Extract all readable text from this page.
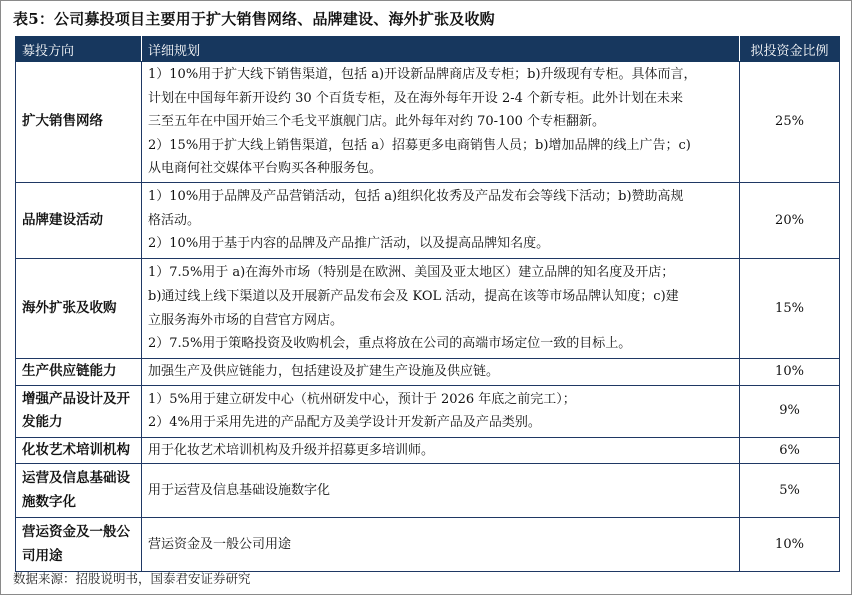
表5：公司募投项目主要用于扩大销售网络、品牌建设、海外扩张及收购
募投方向	详细规划	拟投资金比例
扩大销售网络	1）10%用于扩大线下销售渠道，包括 a)开设新品牌商店及专柜；b)升级现有专柜。具体而言，
计划在中国每年新开设约 30 个百货专柜，及在海外每年开设 2-4 个新专柜。此外计划在未来
三至五年在中国开始三个毛戈平旗舰门店。此外每年对约 70-100 个专柜翻新。
2）15%用于扩大线上销售渠道，包括 a）招募更多电商销售人员；b)增加品牌的线上广告；c)
从电商何社交媒体平台购买各种服务包。	25%
品牌建设活动	1）10%用于品牌及产品营销活动，包括 a)组织化妆秀及产品发布会等线下活动；b)赞助高规
格活动。
2）10%用于基于内容的品牌及产品推广活动，以及提高品牌知名度。	20%
海外扩张及收购	1）7.5%用于 a)在海外市场（特别是在欧洲、美国及亚太地区）建立品牌的知名度及开店；
b)通过线上线下渠道以及开展新产品发布会及 KOL 活动，提高在该等市场品牌认知度；c)建
立服务海外市场的自营官方网店。
2）7.5%用于策略投资及收购机会，重点将放在公司的高端市场定位一致的目标上。	15%
生产供应链能力	加强生产及供应链能力，包括建设及扩建生产设施及供应链。	10%

增强产品设计及开
发能力	1）5%用于建立研发中心（杭州研发中心，预计于 2026 年底之前完工）；
2）4%用于采用先进的产品配方及美学设计开发新产品及产品类别。	9%
化妆艺术培训机构	用于化妆艺术培训机构及升级并招募更多培训师。	6%

运营及信息基础设
施数字化	用于运营及信息基础设施数字化	5%

营运资金及一般公
司用途	营运资金及一般公司用途	10%
数据来源：招股说明书，国泰君安证券研究
